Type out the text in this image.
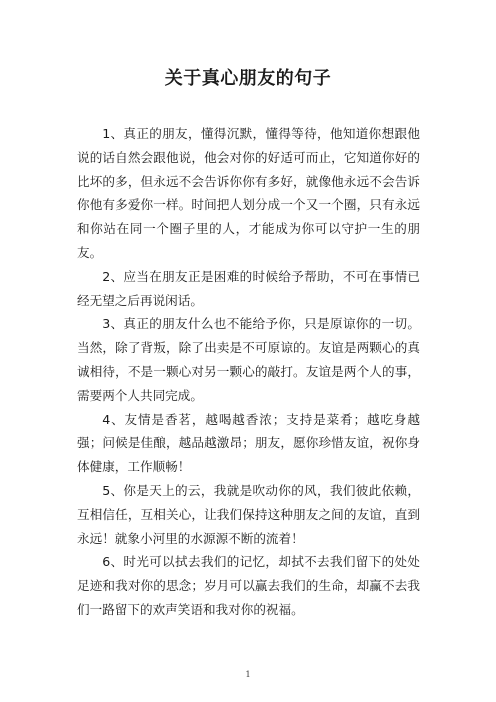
关于真心朋友的句子

1、真正的朋友，懂得沉默，懂得等待，他知道你想跟他说的话自然会跟他说，他会对你的好适可而止，它知道你好的比坏的多，但永远不会告诉你你有多好，就像他永远不会告诉你他有多爱你一样。时间把人划分成一个又一个圈，只有永远和你站在同一个圈子里的人，才能成为你可以守护一生的朋友。

2、应当在朋友正是困难的时候给予帮助，不可在事情已经无望之后再说闲话。

3、真正的朋友什么也不能给予你，只是原谅你的一切。当然，除了背叛，除了出卖是不可原谅的。友谊是两颗心的真诚相待，不是一颗心对另一颗心的敲打。友谊是两个人的事，需要两个人共同完成。

4、友情是香茗，越喝越香浓；支持是菜肴；越吃身越强；问候是佳酿，越品越激昂；朋友，愿你珍惜友谊，祝你身体健康，工作顺畅！

5、你是天上的云，我就是吹动你的风，我们彼此依赖，互相信任，互相关心，让我们保持这种朋友之间的友谊，直到永远！就象小河里的水源源不断的流着！

6、时光可以拭去我们的记忆，却拭不去我们留下的处处足迹和我对你的思念；岁月可以赢去我们的生命，却赢不去我们一路留下的欢声笑语和我对你的祝福。

1
